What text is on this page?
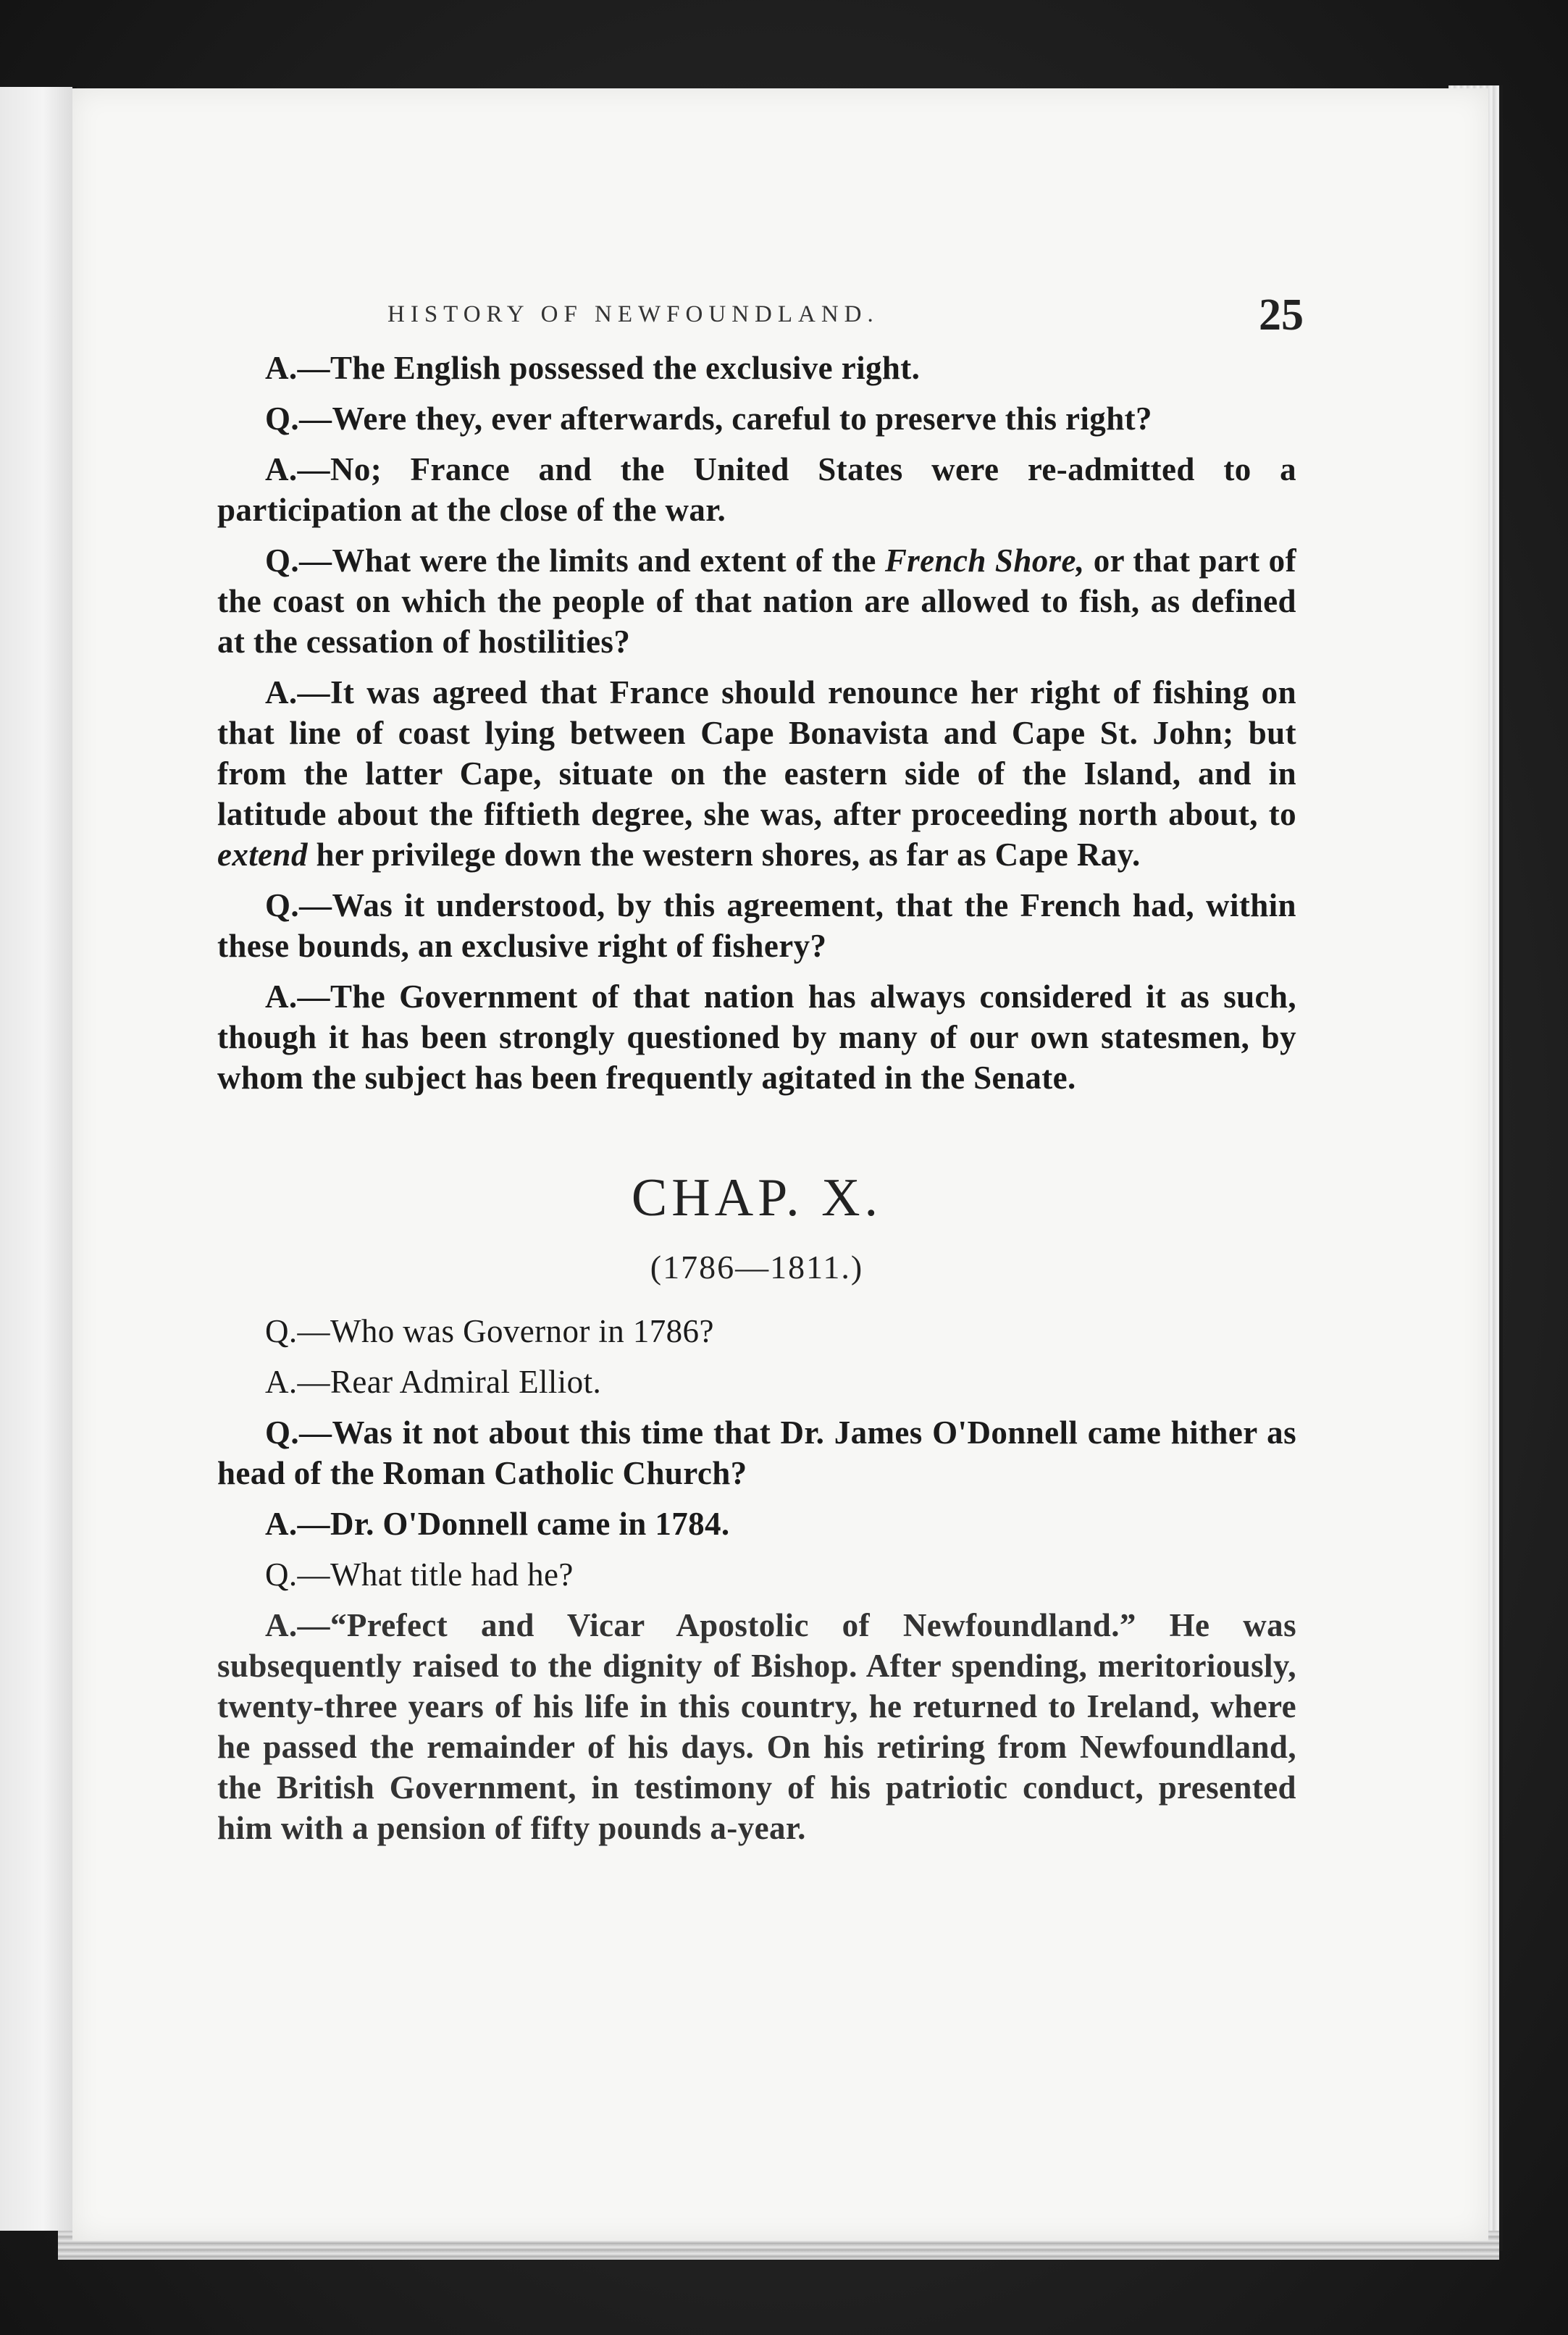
HISTORY OF NEWFOUNDLAND.	25

A.—The English possessed the exclusive right.

Q.—Were they, ever afterwards, careful to preserve this right?

A.—No; France and the United States were re-admitted to a participation at the close of the war.

Q.—What were the limits and extent of the French Shore, or that part of the coast on which the people of that nation are allowed to fish, as defined at the cessation of hostilities?

A.—It was agreed that France should renounce her right of fishing on that line of coast lying between Cape Bonavista and Cape St. John; but from the latter Cape, situate on the eastern side of the Island, and in latitude about the fiftieth degree, she was, after proceeding north about, to extend her privilege down the western shores, as far as Cape Ray.

Q.—Was it understood, by this agreement, that the French had, within these bounds, an exclusive right of fishery?

A.—The Government of that nation has always considered it as such, though it has been strongly questioned by many of our own statesmen, by whom the subject has been frequently agitated in the Senate.

CHAP. X.
(1786—1811.)

Q.—Who was Governor in 1786?

A.—Rear Admiral Elliot.

Q.—Was it not about this time that Dr. James O'Donnell came hither as head of the Roman Catholic Church?

A.—Dr. O'Donnell came in 1784.

Q.—What title had he?

A.—“Prefect and Vicar Apostolic of Newfoundland.” He was subsequently raised to the dignity of Bishop. After spending, meritoriously, twenty-three years of his life in this country, he returned to Ireland, where he passed the remainder of his days. On his retiring from Newfoundland, the British Government, in testimony of his patriotic conduct, presented him with a pension of fifty pounds a-year.
